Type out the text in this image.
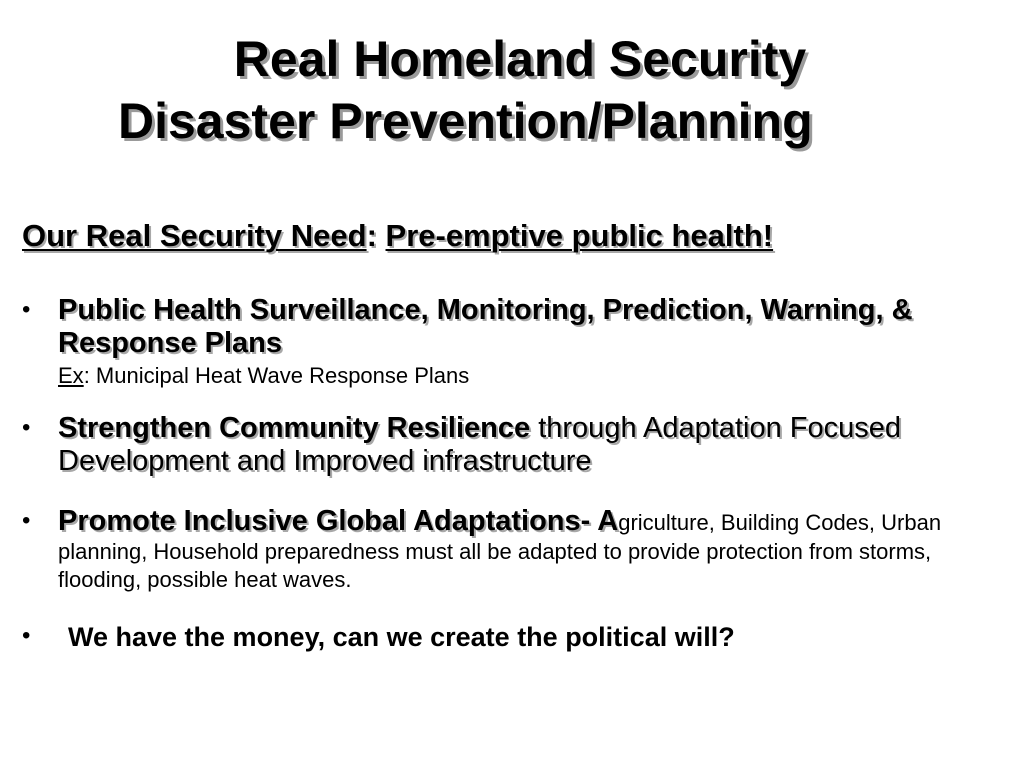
Real Homeland Security
Disaster Prevention/Planning

Our Real Security Need: Pre-emptive public health!

• Public Health Surveillance, Monitoring, Prediction, Warning, & Response Plans
Ex: Municipal Heat Wave Response Plans
• Strengthen Community Resilience through Adaptation Focused Development and Improved infrastructure
• Promote Inclusive Global Adaptations- Agriculture, Building Codes, Urban planning, Household preparedness must all be adapted to provide protection from storms, flooding, possible heat waves.
• We have the money, can we create the political will?
